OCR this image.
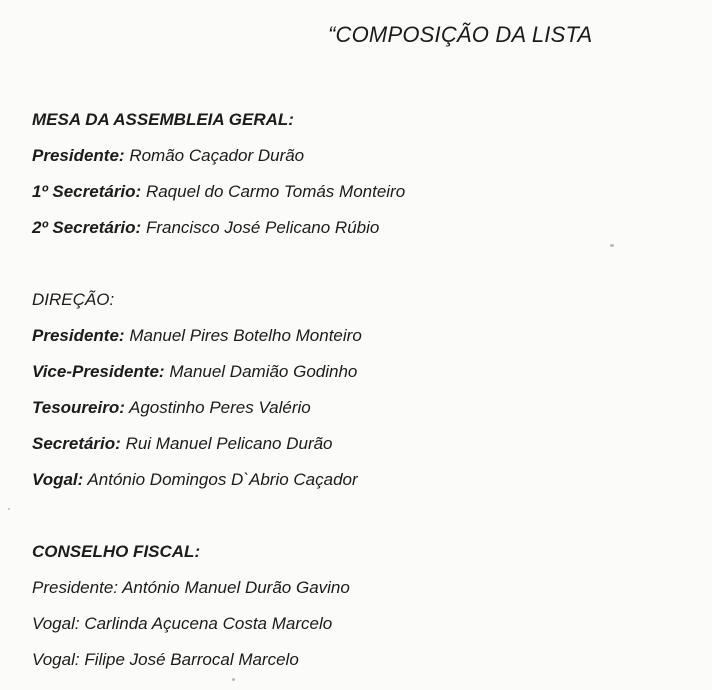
“COMPOSIÇÃO DA LISTA
MESA DA ASSEMBLEIA GERAL:
Presidente: Romão Caçador Durão
1º Secretário: Raquel do Carmo Tomás Monteiro
2º Secretário: Francisco José Pelicano Rúbio
DIREÇÃO:
Presidente: Manuel Pires Botelho Monteiro
Vice-Presidente: Manuel Damião Godinho
Tesoureiro: Agostinho Peres Valério
Secretário: Rui Manuel Pelicano Durão
Vogal: António Domingos D`Abrio Caçador
CONSELHO FISCAL:
Presidente: António Manuel Durão Gavino
Vogal: Carlinda Açucena Costa Marcelo
Vogal: Filipe José Barrocal Marcelo
